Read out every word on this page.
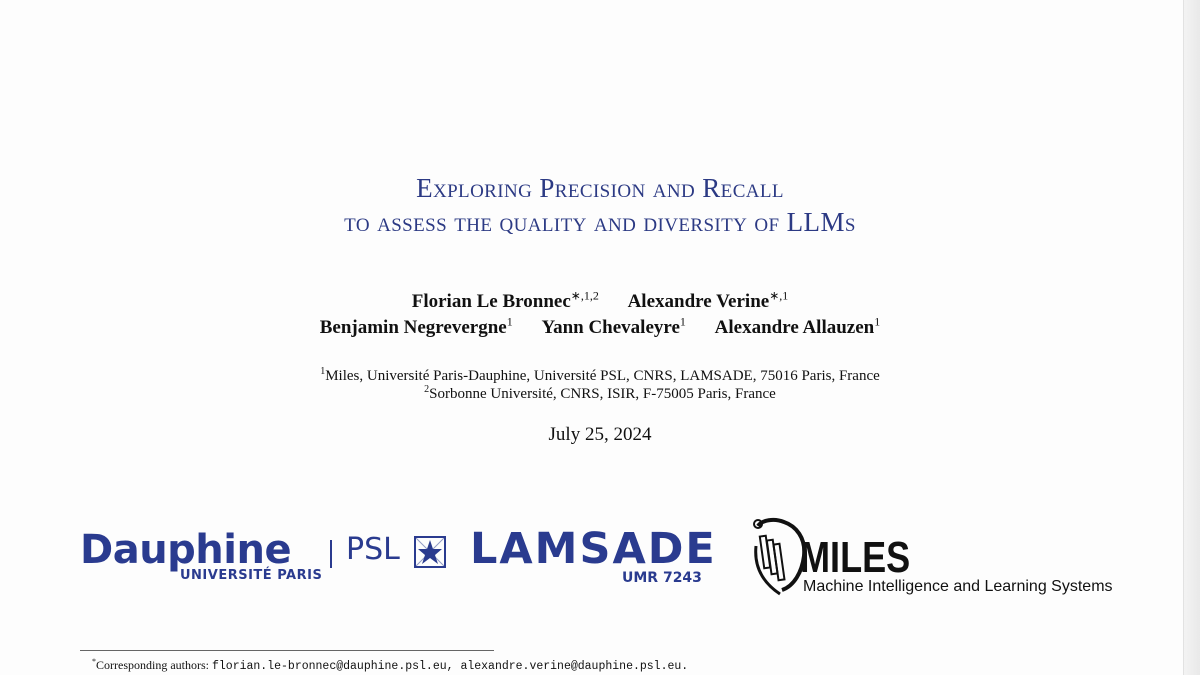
Exploring Precision and Recall
to assess the quality and diversity of LLMs
Florian Le Bronnec$^{∗,1,2}$ Alexandre Verine$^{∗,1}$
Benjamin Negrevergne$^1$ Yann Chevaleyre$^1$ Alexandre Allauzen$^1$
$^1$Miles, Université Paris-Dauphine, Université PSL, CNRS, LAMSADE, 75016 Paris, France
$^2$Sorbonne Université, CNRS, ISIR, F-75005 Paris, France
July 25, 2024
Dauphine
UNIVERSITÉ PARIS
PSL LAMSADE
UMR 7243 MILES
Machine Intelligence and Learning Systems
*Corresponding authors: florian.le-bronnec@dauphine.psl.eu, alexandre.verine@dauphine.psl.eu.
